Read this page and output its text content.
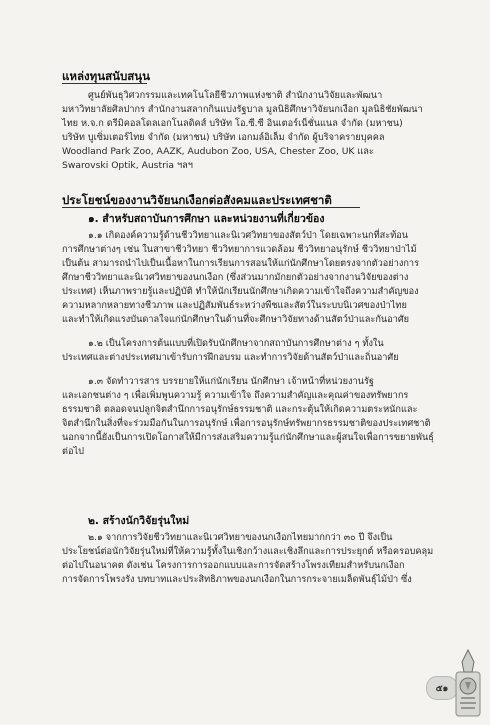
แหล่งทุนสนับสนุน
ศูนย์พันธุวิศวกรรมและเทคโนโลยีชีวภาพแห่งชาติ สำนักงานวิจัยและพัฒนา
มหาวิทยาลัยศิลปากร สำนักงานสลากกินแบ่งรัฐบาล มูลนิธิศึกษาวิจัยนกเงือก มูลนิธิชัยพัฒนา
ไทย ห.จ.ก ดรีมิคอลโดลเอกโนลดิคส์ บริษัท โอ.ซี.ซี อินเตอร์เน็ชั่นแนล จำกัด (มหาชน)
บริษัท บูเซิ่มเตอร์ไทย จำกัด (มหาชน) บริษัท เอกมล์อิเล็ม จำกัด ผู้บริจาครายบุคคล
Woodland Park Zoo, AAZK, Audubon Zoo, USA, Chester Zoo, UK และ
Swarovski Optik, Austria ฯลฯ
ประโยชน์ของงานวิจัยนกเงือกต่อสังคมและประเทศชาติ
๑. สำหรับสถาบันการศึกษา และหน่วยงานที่เกี่ยวข้อง
๑.๑ เกิดองค์ความรู้ด้านชีววิทยาและนิเวศวิทยาของสัตว์ป่า โดยเฉพาะนกที่สะท้อน
การศึกษาต่างๆ เช่น ในสาขาชีววิทยา ชีววิทยาการแวดล้อม ชีววิทยาอนุรักษ์ ชีววิทยาป่าไม้
เป็นต้น สามารถนำไปเป็นเนื้อหาในการเรียนการสอนให้แก่นักศึกษาโดยตรงจากตัวอย่างการ
ศึกษาชีววิทยาและนิเวศวิทยาของนกเงือก (ซึ่งส่วนมากมักยกตัวอย่างจากงานวิจัยของต่าง
ประเทศ) เห็นภาพรายรู้และปฏิบัติ ทำให้นักเรียนนักศึกษาเกิดความเข้าใจถึงความสำคัญของ
ความหลากหลายทางชีวภาพ และปฏิสัมพันธ์ระหว่างพืชและสัตว์ในระบบนิเวศของป่าไทย
และทำให้เกิดแรงบันดาลใจแก่นักศึกษาในด้านที่จะศึกษาวิจัยทางด้านสัตว์ป่าและกันอาศัย
๑.๒ เป็นโครงการต้นแบบที่เปิดรับนักศึกษาจากสถาบันการศึกษาต่าง ๆ ทั้งใน
ประเทศและต่างประเทศมาเข้ารับการฝึกอบรม และทำการวิจัยด้านสัตว์ป่าและถิ่นอาศัย
๑.๓ จัดทำวารสาร บรรยายให้แก่นักเรียน นักศึกษา เจ้าหน้าที่หน่วยงานรัฐ
และเอกชนต่าง ๆ เพื่อเพิ่มพูนความรู้ ความเข้าใจ ถึงความสำคัญและคุณค่าของทรัพยากร
ธรรมชาติ ตลอดจนปลูกจิตสำนึกการอนุรักษ์ธรรมชาติ และกระตุ้นให้เกิดความตระหนักและ
จิตสำนึกในสิ่งที่จะร่วมมือกันในการอนุรักษ์ เพื่อการอนุรักษ์ทรัพยากรธรรมชาติของประเทศชาติ
นอกจากนี้ยังเป็นการเปิดโอกาสให้มีการส่งเสริมความรู้แก่นักศึกษาและผู้สนใจเพื่อการขยายพันธุ์
ต่อไป
๒. สร้างนักวิจัยรุ่นใหม่
๒.๑ จากการวิจัยชีววิทยาและนิเวศวิทยาของนกเงือกไทยมากกว่า ๓๐ ปี จึงเป็น
ประโยชน์ต่อนักวิจัยรุ่นใหม่ที่ให้ความรู้ทั้งในเชิงกว้างและเชิงลึกและการประยุกต์ หรือครอบคลุม
ต่อไปในอนาคต ดังเช่น โครงการการออกแบบและการจัดสร้างโพรงเทียมสำหรับนกเงือก
การจัดการโพรงรัง บทบาทและประสิทธิภาพของนกเงือกในการกระจายเมล็ดพันธุ์ไม้ป่า ซึ่ง
๕๑
